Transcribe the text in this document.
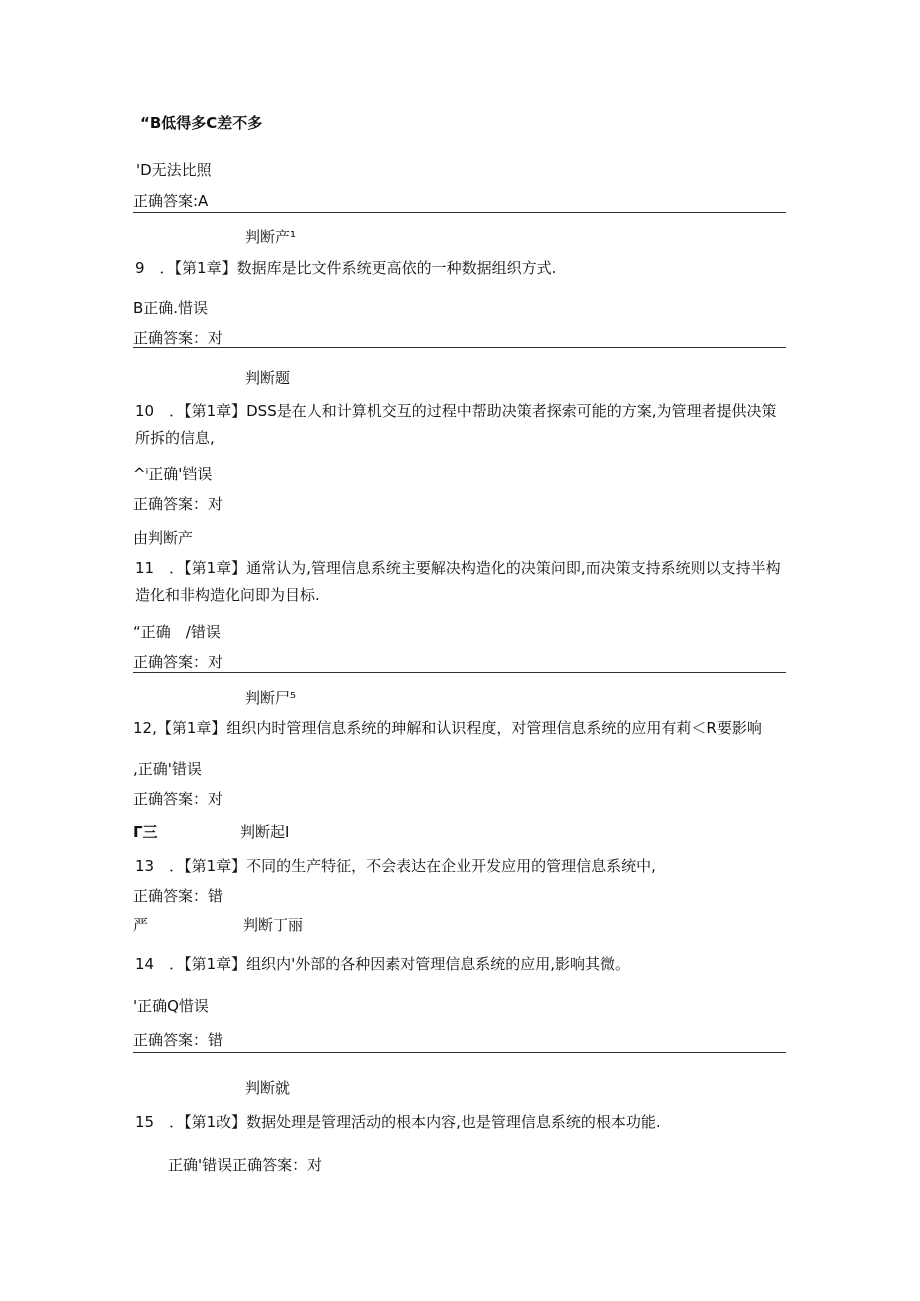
“B低得多C差不多
'D无法比照
正确答案:A
判断产¹
9　．【第1章】数据库是比文件系统更高依的一种数据组织方式.
B正确.惜误
正确答案：对
判断题
10　．【第1章】DSS是在人和计算机交互的过程中帮助决策者探索可能的方案,为管理者提供决策所拆的信息,
^ⁱ正确'铛误
正确答案：对
由判断产
11　．【第1章】通常认为,管理信息系统主要解决构造化的决策问即,而决策支持系统则以支持半构造化和非构造化问即为目标.
“正确　/错误
正确答案：对
判断尸⁵
12,【第1章】组织内时管理信息系统的珅解和认识程度，对管理信息系统的应用有莉＜R要影响
,正确'错误
正确答案：对
Γ三	判断起I
13　．【第1章】不同的生产特征，不会表达在企业开发应用的管理信息系统中,
正确答案：错
严	判断丁丽
14　．【第1章】组织内'外部的各种因素对管理信息系统的应用,影响其微。
'正确Q惜误
正确答案：错
判断就
15　．【第1改】数据处理是管理活动的根本内容,也是管理信息系统的根本功能.
正确'错误正确答案：对
